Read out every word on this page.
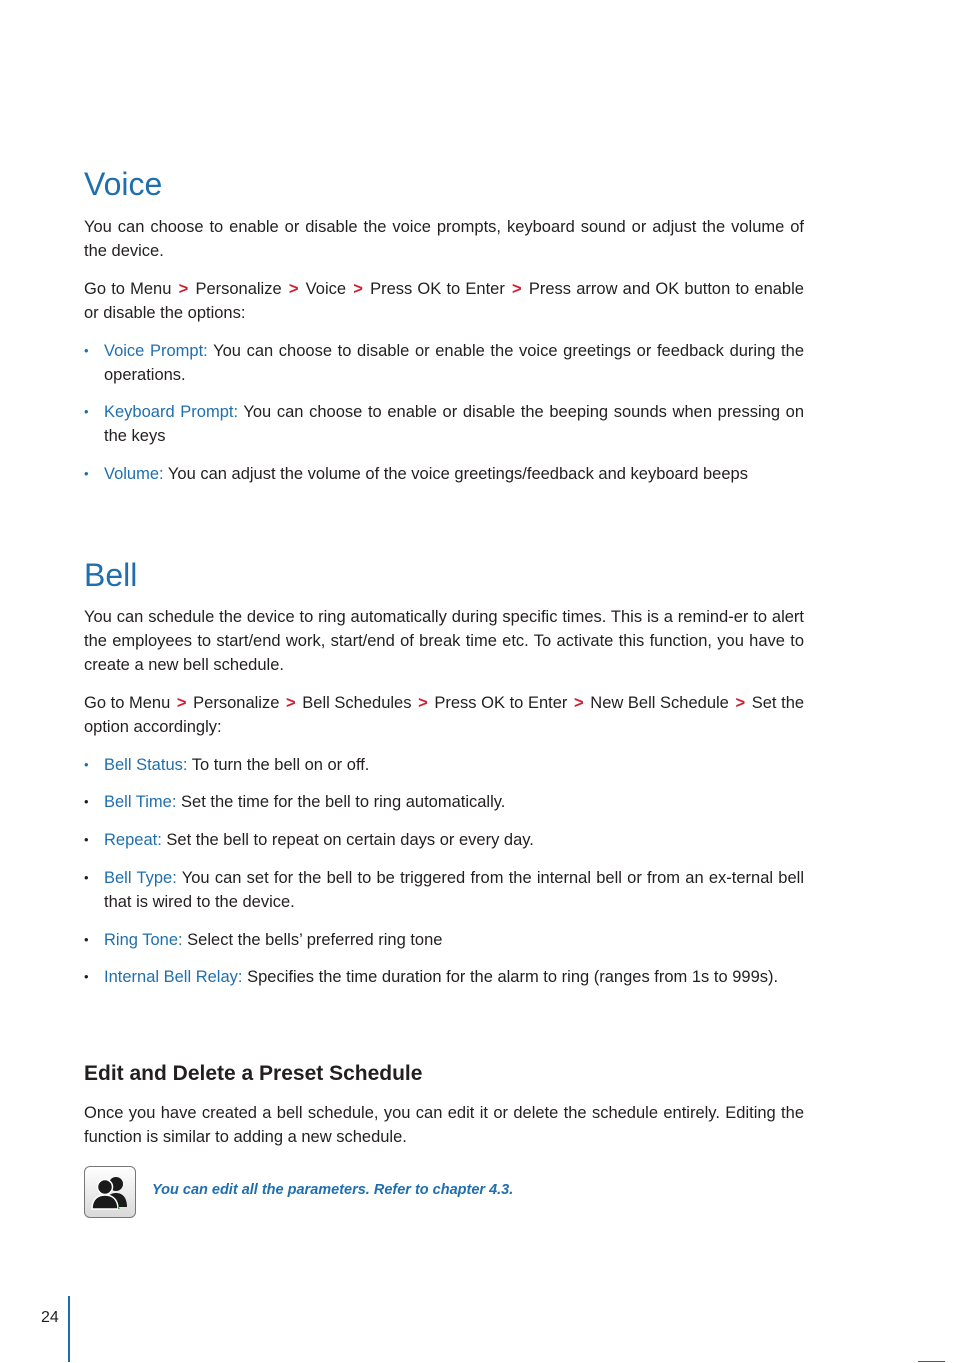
Voice

You can choose to enable or disable the voice prompts, keyboard sound or adjust the volume of the device.

Go to Menu > Personalize > Voice > Press OK to Enter > Press arrow and OK button to enable or disable the options:

• Voice Prompt: You can choose to disable or enable the voice greetings or feedback during the operations.
• Keyboard Prompt: You can choose to enable or disable the beeping sounds when pressing on the keys
• Volume: You can adjust the volume of the voice greetings/feedback and keyboard beeps
Bell

You can schedule the device to ring automatically during specific times. This is a remind-er to alert the employees to start/end work, start/end of break time etc. To activate this function, you have to create a new bell schedule.

Go to Menu > Personalize > Bell Schedules > Press OK to Enter > New Bell Schedule > Set the option accordingly:

• Bell Status: To turn the bell on or off.
• Bell Time: Set the time for the bell to ring automatically.
• Repeat: Set the bell to repeat on certain days or every day.
• Bell Type: You can set for the bell to be triggered from the internal bell or from an ex-ternal bell that is wired to the device.
• Ring Tone: Select the bells’ preferred ring tone
• Internal Bell Relay: Specifies the time duration for the alarm to ring (ranges from 1s to 999s).
Edit and Delete a Preset Schedule

Once you have created a bell schedule, you can edit it or delete the schedule entirely. Editing the function is similar to adding a new schedule.

You can edit all the parameters. Refer to chapter 4.3.
24
